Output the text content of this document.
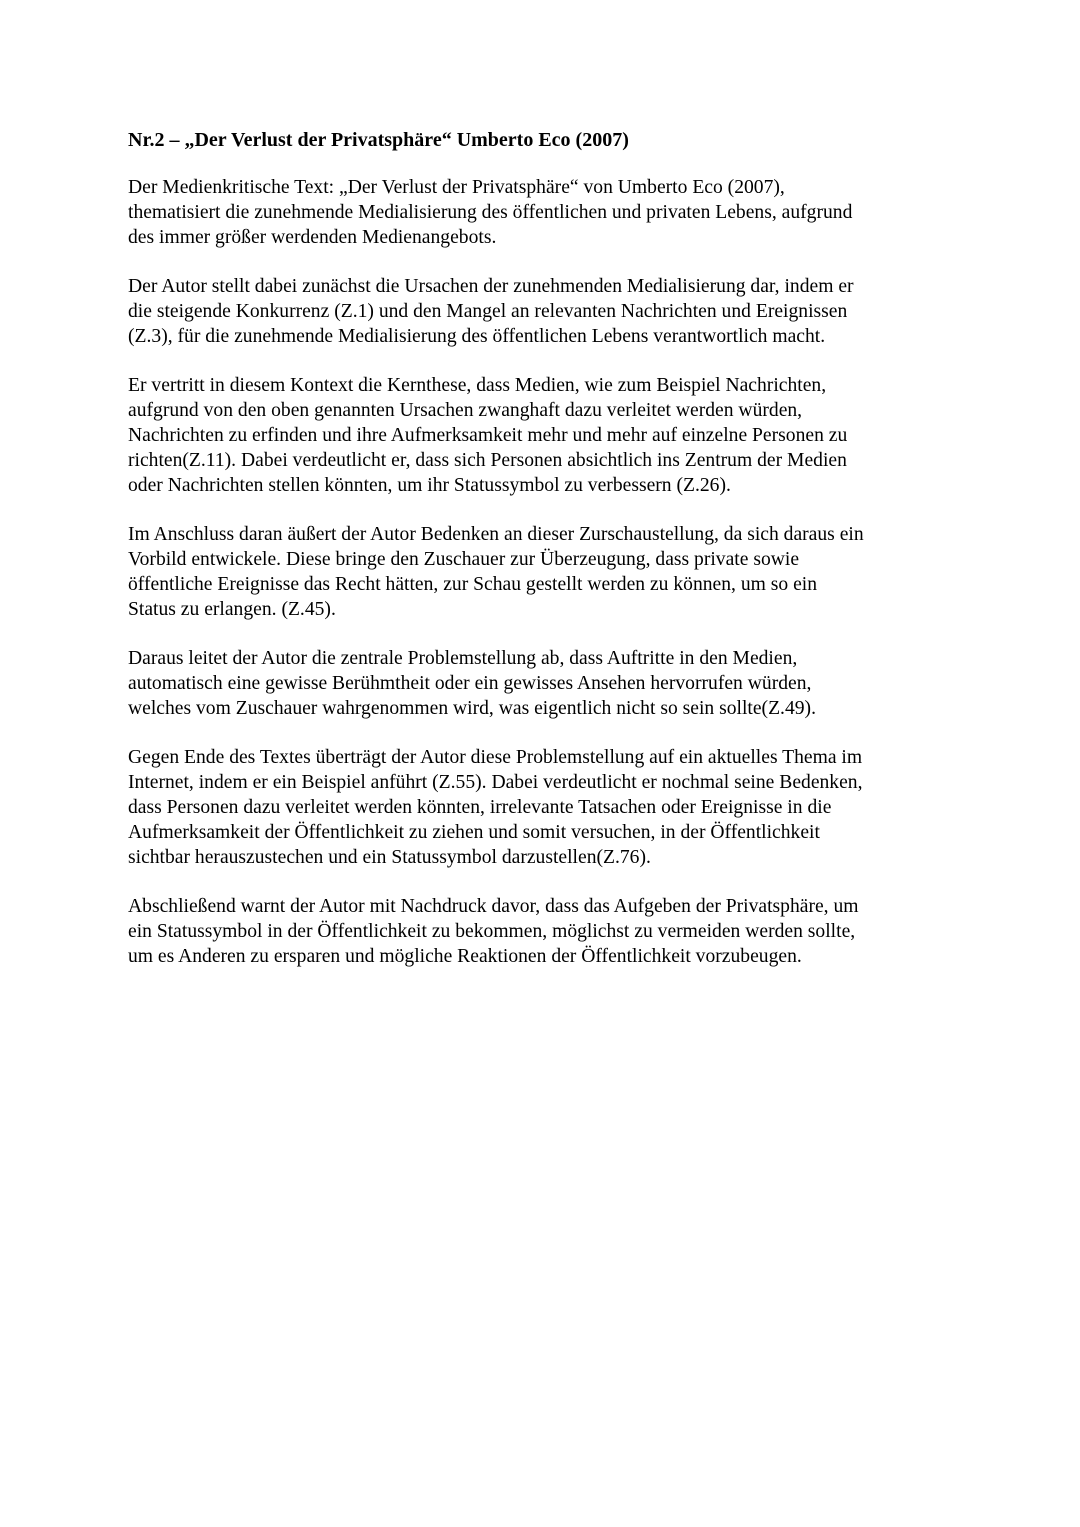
Nr.2 – „Der Verlust der Privatsphäre“ Umberto Eco (2007)
Der Medienkritische Text: „Der Verlust der Privatsphäre“ von Umberto Eco (2007),
thematisiert die zunehmende Medialisierung des öffentlichen und privaten Lebens, aufgrund
des immer größer werdenden Medienangebots.
Der Autor stellt dabei zunächst die Ursachen der zunehmenden Medialisierung dar, indem er
die steigende Konkurrenz (Z.1) und den Mangel an relevanten Nachrichten und Ereignissen
(Z.3), für die zunehmende Medialisierung des öffentlichen Lebens verantwortlich macht.
Er vertritt in diesem Kontext die Kernthese, dass Medien, wie zum Beispiel Nachrichten,
aufgrund von den oben genannten Ursachen zwanghaft dazu verleitet werden würden,
Nachrichten zu erfinden und ihre Aufmerksamkeit mehr und mehr auf einzelne Personen zu
richten(Z.11). Dabei verdeutlicht er, dass sich Personen absichtlich ins Zentrum der Medien
oder Nachrichten stellen könnten, um ihr Statussymbol zu verbessern (Z.26).
Im Anschluss daran äußert der Autor Bedenken an dieser Zurschaustellung, da sich daraus ein
Vorbild entwickele. Diese bringe den Zuschauer zur Überzeugung, dass private sowie
öffentliche Ereignisse das Recht hätten, zur Schau gestellt werden zu können, um so ein
Status zu erlangen. (Z.45).
Daraus leitet der Autor die zentrale Problemstellung ab, dass Auftritte in den Medien,
automatisch eine gewisse Berühmtheit oder ein gewisses Ansehen hervorrufen würden,
welches vom Zuschauer wahrgenommen wird, was eigentlich nicht so sein sollte(Z.49).
Gegen Ende des Textes überträgt der Autor diese Problemstellung auf ein aktuelles Thema im
Internet, indem er ein Beispiel anführt (Z.55). Dabei verdeutlicht er nochmal seine Bedenken,
dass Personen dazu verleitet werden könnten, irrelevante Tatsachen oder Ereignisse in die
Aufmerksamkeit der Öffentlichkeit zu ziehen und somit versuchen, in der Öffentlichkeit
sichtbar herauszustechen und ein Statussymbol darzustellen(Z.76).
Abschließend warnt der Autor mit Nachdruck davor, dass das Aufgeben der Privatsphäre, um
ein Statussymbol in der Öffentlichkeit zu bekommen, möglichst zu vermeiden werden sollte,
um es Anderen zu ersparen und mögliche Reaktionen der Öffentlichkeit vorzubeugen.
